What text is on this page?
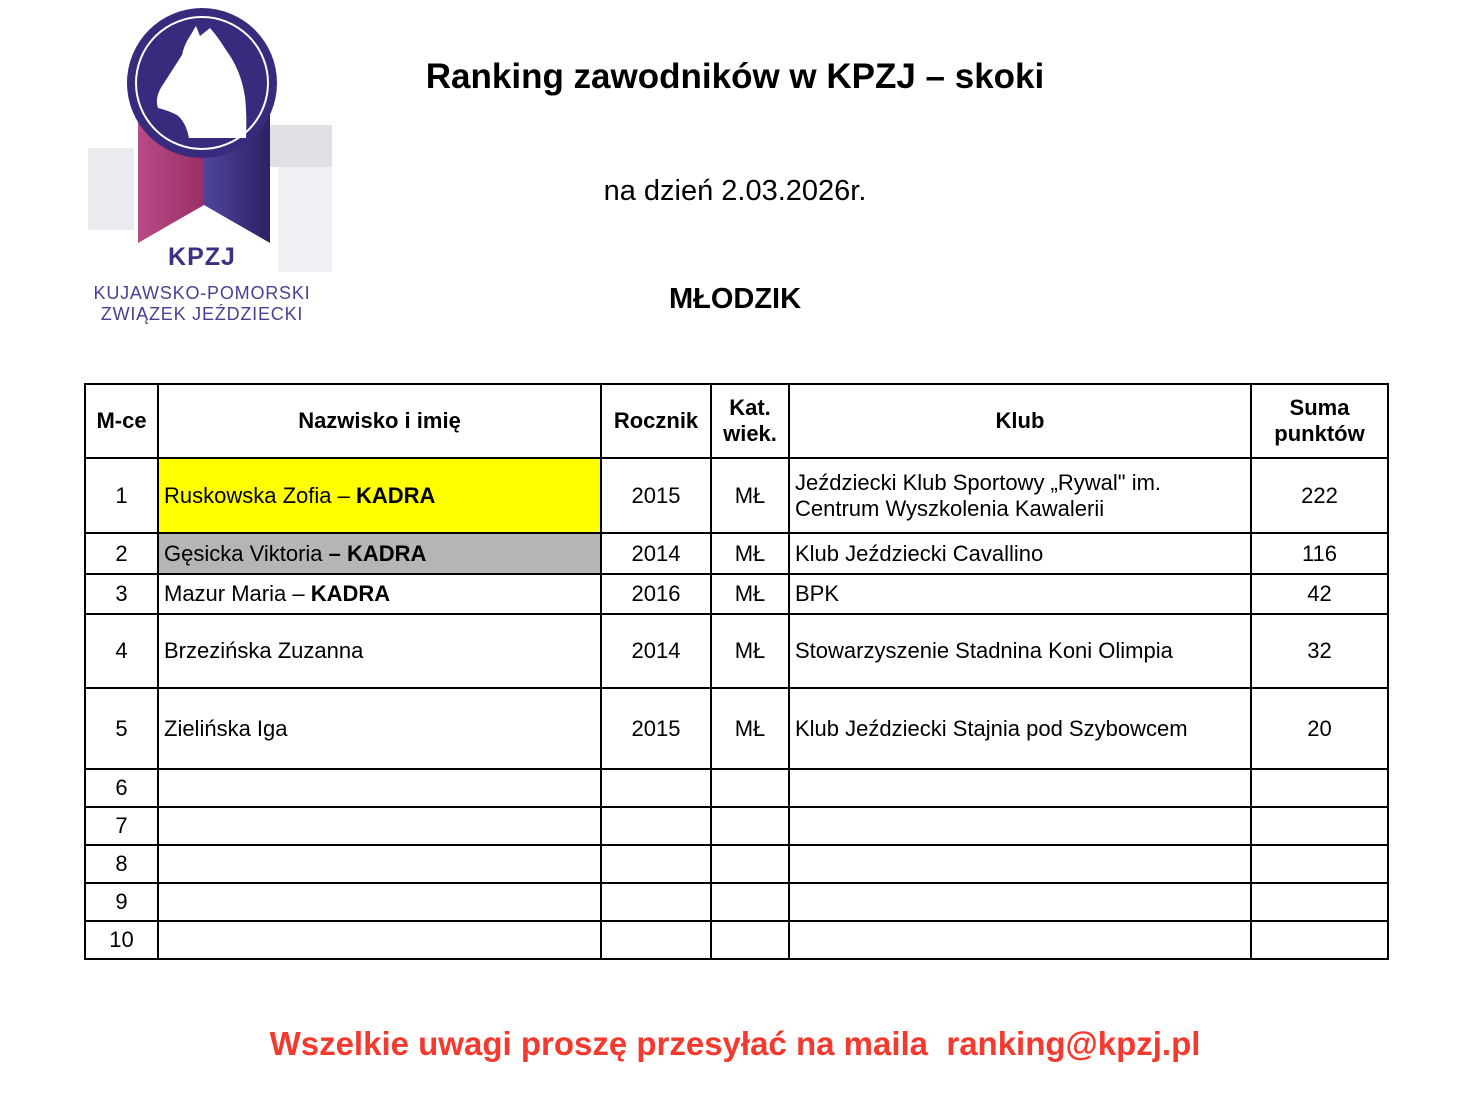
KPZJ
KUJAWSKO-POMORSKI
ZWIĄZEK JEŹDZIECKI
Ranking zawodników w KPZJ – skoki
na dzień 2.03.2026r.
MŁODZIK
M-ce	Nazwisko i imię	Rocznik	Kat. wiek.	Klub	Suma punktów
1	Ruskowska Zofia – KADRA	2015	MŁ	Jeździecki Klub Sportowy „Rywal" im. Centrum Wyszkolenia Kawalerii	222
2	Gęsicka Viktoria – KADRA	2014	MŁ	Klub Jeździecki Cavallino	116
3	Mazur Maria – KADRA	2016	MŁ	BPK	42
4	Brzezińska Zuzanna	2014	MŁ	Stowarzyszenie Stadnina Koni Olimpia	32
5	Zielińska Iga	2015	MŁ	Klub Jeździecki Stajnia pod Szybowcem	20
6					
7					
8					
9					
10					
Wszelkie uwagi proszę przesyłać na maila  ranking@kpzj.pl
